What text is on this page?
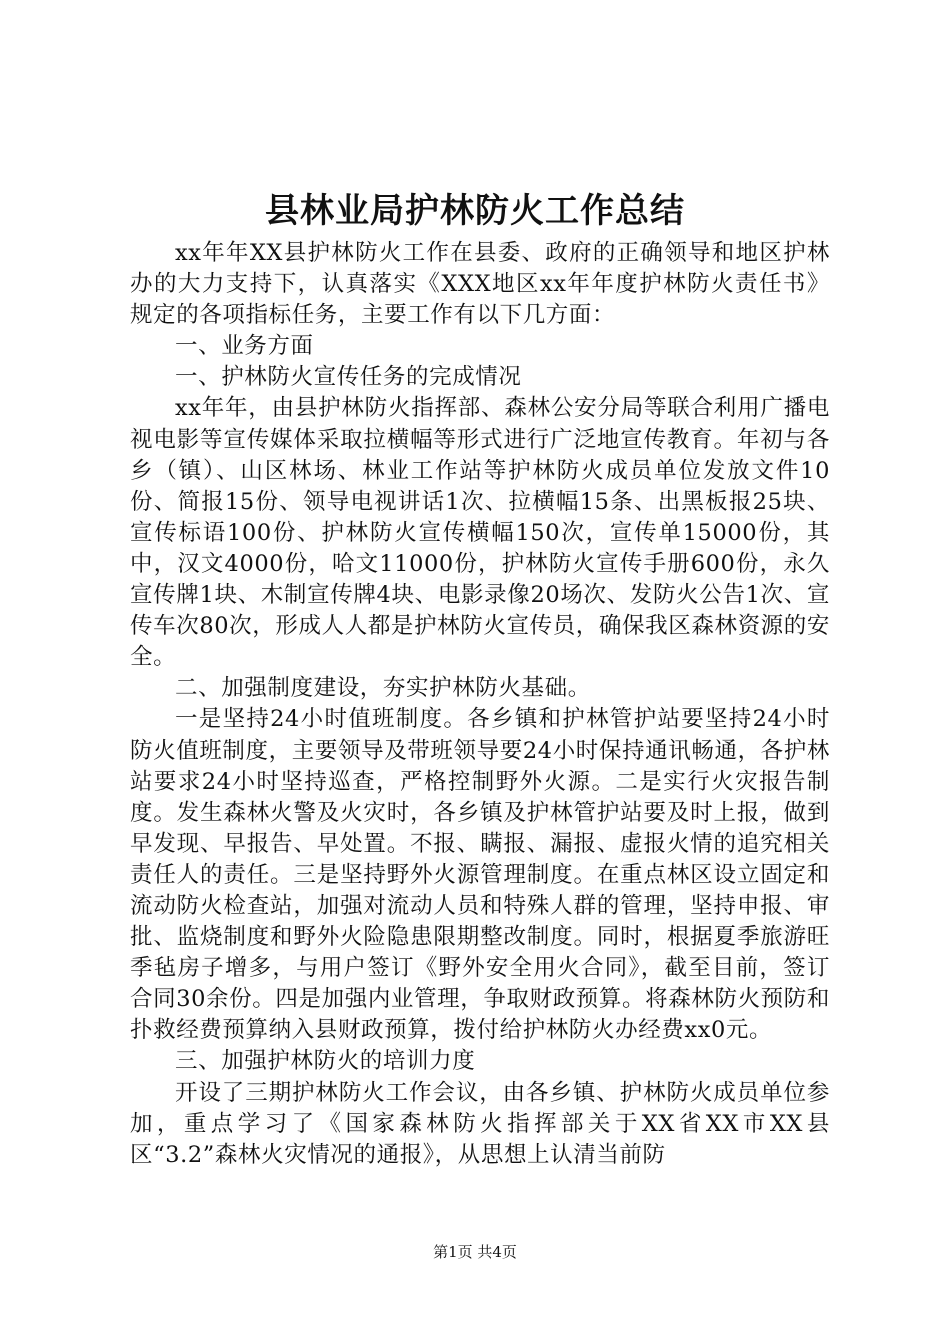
县林业局护林防火工作总结

xx年年XX县护林防火工作在县委、政府的正确领导和地区护林办的大力支持下，认真落实《XXX地区xx年年度护林防火责任书》规定的各项指标任务，主要工作有以下几方面：

一、业务方面

一、护林防火宣传任务的完成情况

xx年年，由县护林防火指挥部、森林公安分局等联合利用广播电视电影等宣传媒体采取拉横幅等形式进行广泛地宣传教育。年初与各乡（镇）、山区林场、林业工作站等护林防火成员单位发放文件10份、简报15份、领导电视讲话1次、拉横幅15条、出黑板报25块、宣传标语100份、护林防火宣传横幅150次，宣传单15000份，其中，汉文4000份，哈文11000份，护林防火宣传手册600份，永久宣传牌1块、木制宣传牌4块、电影录像20场次、发防火公告1次、宣传车次80次，形成人人都是护林防火宣传员，确保我区森林资源的安全。

二、加强制度建设，夯实护林防火基础。

一是坚持24小时值班制度。各乡镇和护林管护站要坚持24小时防火值班制度，主要领导及带班领导要24小时保持通讯畅通，各护林站要求24小时坚持巡查，严格控制野外火源。二是实行火灾报告制度。发生森林火警及火灾时，各乡镇及护林管护站要及时上报，做到早发现、早报告、早处置。不报、瞒报、漏报、虚报火情的追究相关责任人的责任。三是坚持野外火源管理制度。在重点林区设立固定和流动防火检查站，加强对流动人员和特殊人群的管理，坚持申报、审批、监烧制度和野外火险隐患限期整改制度。同时，根据夏季旅游旺季毡房子增多，与用户签订《野外安全用火合同》，截至目前，签订合同30余份。四是加强内业管理，争取财政预算。将森林防火预防和扑救经费预算纳入县财政预算，拨付给护林防火办经费xx0元。

三、加强护林防火的培训力度

开设了三期护林防火工作会议，由各乡镇、护林防火成员单位参加，重点学习了《国家森林防火指挥部关于XX省XX市XX县区“3.2”森林火灾情况的通报》，从思想上认清当前防

第1页 共4页
